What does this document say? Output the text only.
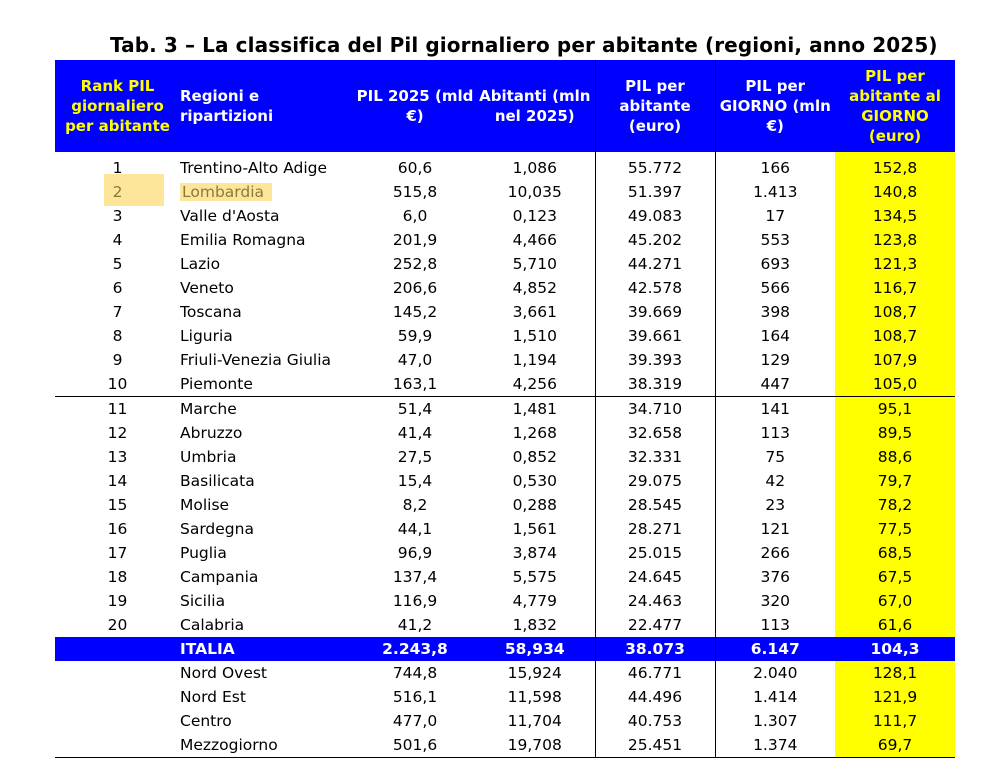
Tab. 3 – La classifica del Pil giornaliero per abitante (regioni, anno 2025)
Rank PIL giornaliero per abitante	Regioni e ripartizioni	PIL 2025 (mld €)	Abitanti (mln nel 2025)	PIL per abitante (euro)	PIL per GIORNO (mln €)	PIL per abitante al GIORNO (euro)
1	Trentino-Alto Adige	60,6	1,086	55.772	166	152,8
2	Lombardia	515,8	10,035	51.397	1.413	140,8
3	Valle d'Aosta	6,0	0,123	49.083	17	134,5
4	Emilia Romagna	201,9	4,466	45.202	553	123,8
5	Lazio	252,8	5,710	44.271	693	121,3
6	Veneto	206,6	4,852	42.578	566	116,7
7	Toscana	145,2	3,661	39.669	398	108,7
8	Liguria	59,9	1,510	39.661	164	108,7
9	Friuli-Venezia Giulia	47,0	1,194	39.393	129	107,9
10	Piemonte	163,1	4,256	38.319	447	105,0
11	Marche	51,4	1,481	34.710	141	95,1
12	Abruzzo	41,4	1,268	32.658	113	89,5
13	Umbria	27,5	0,852	32.331	75	88,6
14	Basilicata	15,4	0,530	29.075	42	79,7
15	Molise	8,2	0,288	28.545	23	78,2
16	Sardegna	44,1	1,561	28.271	121	77,5
17	Puglia	96,9	3,874	25.015	266	68,5
18	Campania	137,4	5,575	24.645	376	67,5
19	Sicilia	116,9	4,779	24.463	320	67,0
20	Calabria	41,2	1,832	22.477	113	61,6
	ITALIA	2.243,8	58,934	38.073	6.147	104,3
	Nord Ovest	744,8	15,924	46.771	2.040	128,1
	Nord Est	516,1	11,598	44.496	1.414	121,9
	Centro	477,0	11,704	40.753	1.307	111,7
	Mezzogiorno	501,6	19,708	25.451	1.374	69,7
